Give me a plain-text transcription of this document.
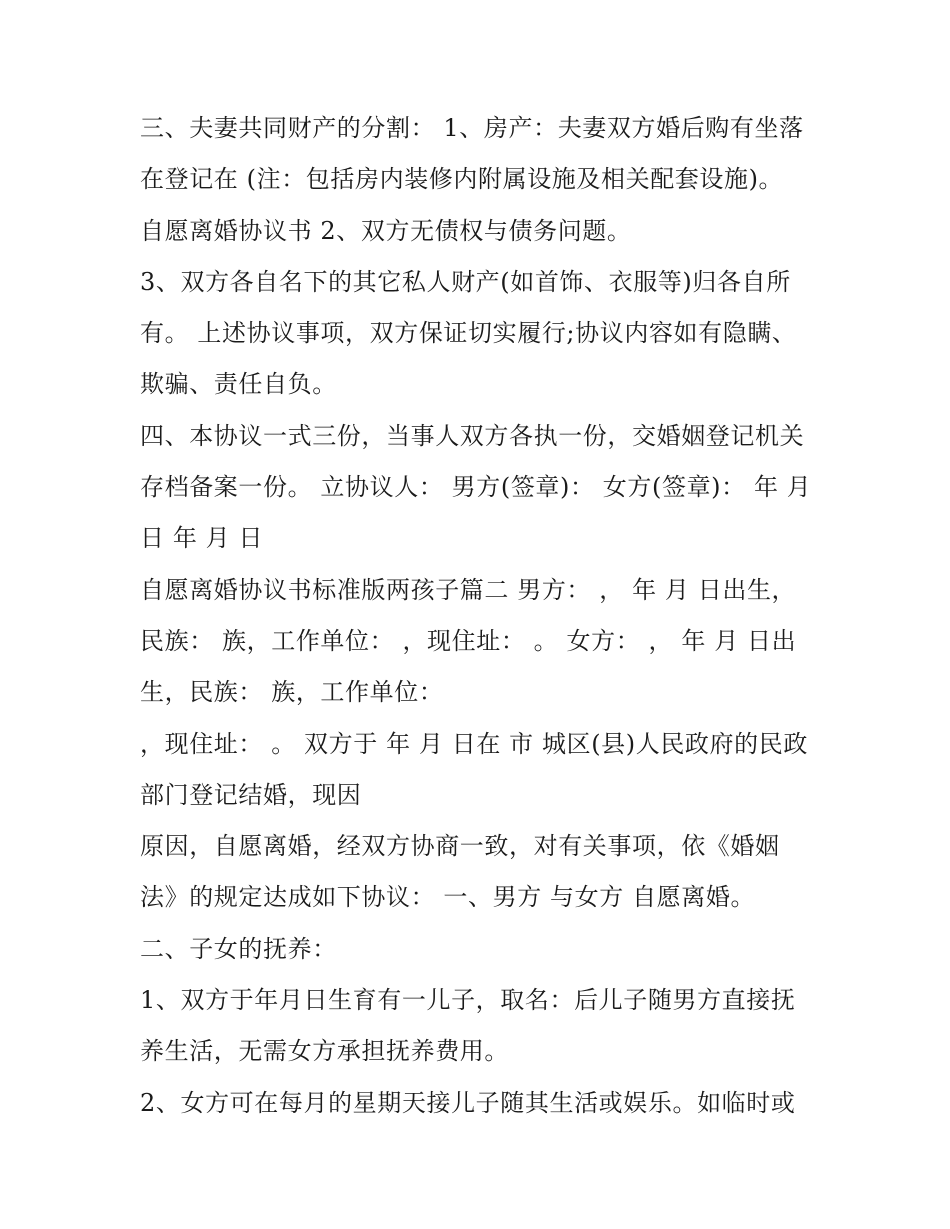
三、夫妻共同财产的分割： 1、房产：夫妻双方婚后购有坐落
在登记在 (注：包括房内装修内附属设施及相关配套设施)。
自愿离婚协议书 2、双方无债权与债务问题。
3、双方各自名下的其它私人财产(如首饰、衣服等)归各自所
有。 上述协议事项，双方保证切实履行;协议内容如有隐瞒、
欺骗、责任自负。
四、本协议一式三份，当事人双方各执一份，交婚姻登记机关
存档备案一份。 立协议人： 男方(签章)： 女方(签章)： 年 月
日 年 月 日
自愿离婚协议书标准版两孩子篇二 男方： ， 年 月 日出生，
民族： 族，工作单位： ，现住址： 。 女方： ， 年 月 日出
生，民族： 族，工作单位：
，现住址： 。 双方于 年 月 日在 市 城区(县)人民政府的民政
部门登记结婚，现因
原因，自愿离婚，经双方协商一致，对有关事项，依《婚姻
法》的规定达成如下协议： 一、男方 与女方 自愿离婚。
二、子女的抚养：
1、双方于年月日生育有一儿子，取名：后儿子随男方直接抚
养生活，无需女方承担抚养费用。
2、女方可在每月的星期天接儿子随其生活或娱乐。如临时或
